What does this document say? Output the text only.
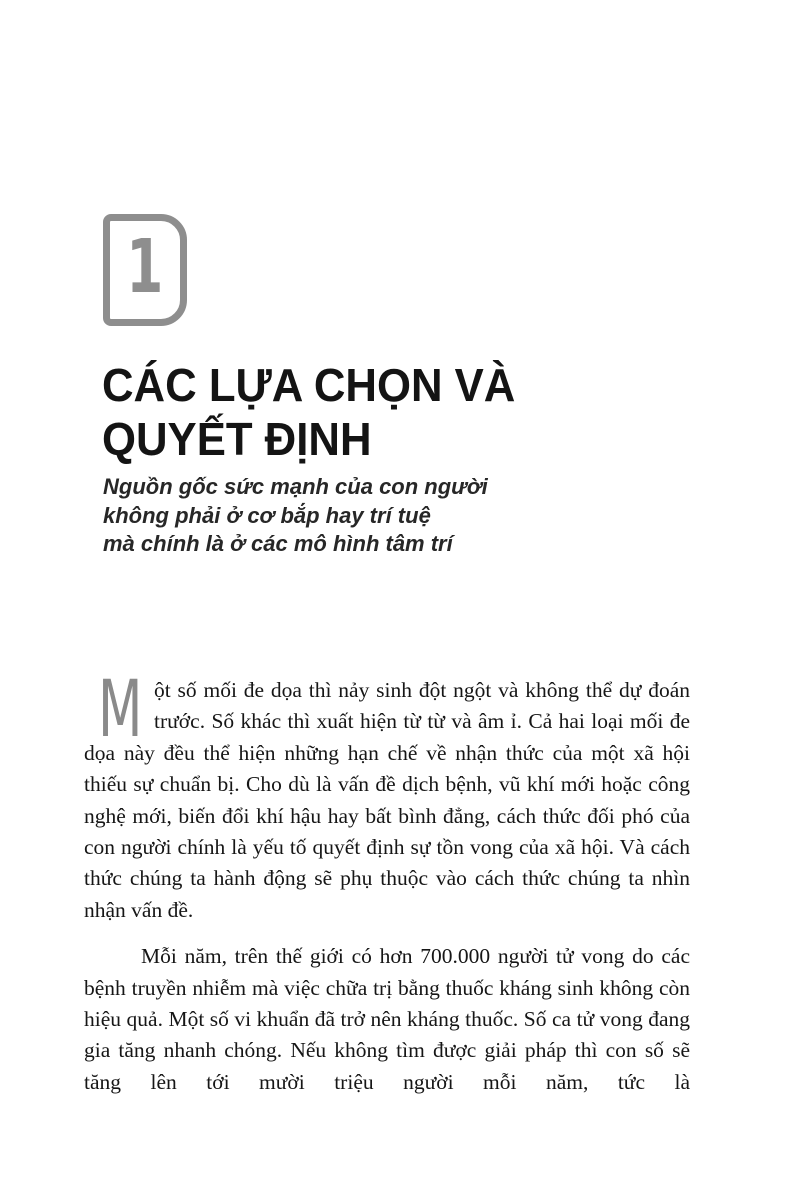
1
CÁC LỰA CHỌN VÀ
QUYẾT ĐỊNH
Nguồn gốc sức mạnh của con người
không phải ở cơ bắp hay trí tuệ
mà chính là ở các mô hình tâm trí

M ột số mối đe dọa thì nảy sinh đột ngột và không thể dự đoán trước. Số khác thì xuất hiện từ từ và âm ỉ. Cả hai loại mối đe dọa này đều thể hiện những hạn chế về nhận thức của một xã hội thiếu sự chuẩn bị. Cho dù là vấn đề dịch bệnh, vũ khí mới hoặc công nghệ mới, biến đổi khí hậu hay bất bình đẳng, cách thức đối phó của con người chính là yếu tố quyết định sự tồn vong của xã hội. Và cách thức chúng ta hành động sẽ phụ thuộc vào cách thức chúng ta nhìn nhận vấn đề.

Mỗi năm, trên thế giới có hơn 700.000 người tử vong do các bệnh truyền nhiễm mà việc chữa trị bằng thuốc kháng sinh không còn hiệu quả. Một số vi khuẩn đã trở nên kháng thuốc. Số ca tử vong đang gia tăng nhanh chóng. Nếu không tìm được giải pháp thì con số sẽ tăng lên tới mười triệu người mỗi năm, tức là
